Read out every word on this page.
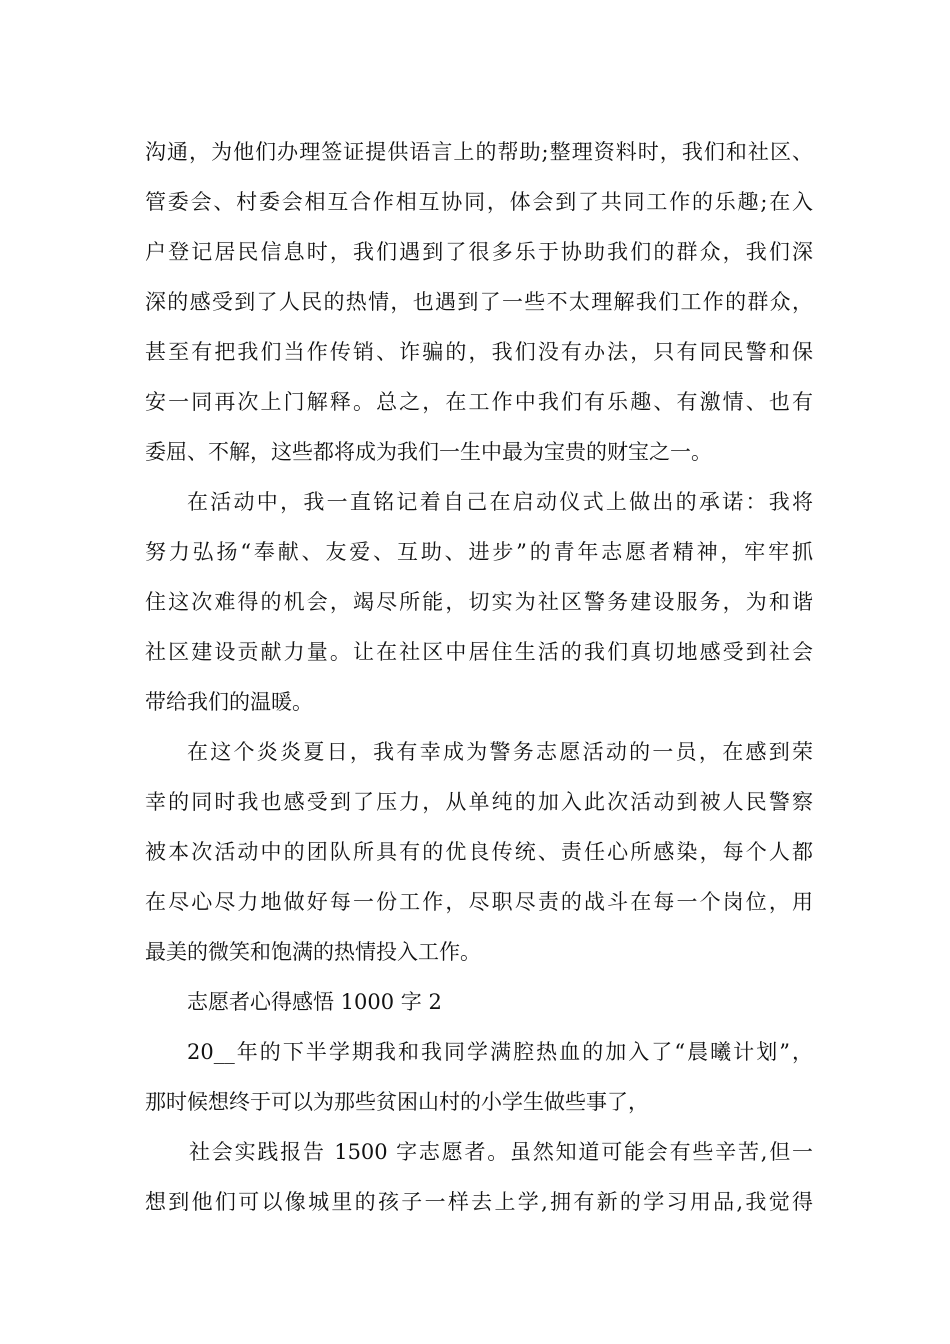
沟通，为他们办理签证提供语言上的帮助;整理资料时，我们和社区、
管委会、村委会相互合作相互协同，体会到了共同工作的乐趣;在入
户登记居民信息时，我们遇到了很多乐于协助我们的群众，我们深
深的感受到了人民的热情，也遇到了一些不太理解我们工作的群众，
甚至有把我们当作传销、诈骗的，我们没有办法，只有同民警和保
安一同再次上门解释。总之，在工作中我们有乐趣、有激情、也有
委屈、不解，这些都将成为我们一生中最为宝贵的财宝之一。
在活动中，我一直铭记着自己在启动仪式上做出的承诺：我将
努力弘扬“奉献、友爱、互助、进步”的青年志愿者精神，牢牢抓
住这次难得的机会，竭尽所能，切实为社区警务建设服务，为和谐
社区建设贡献力量。让在社区中居住生活的我们真切地感受到社会
带给我们的温暖。
在这个炎炎夏日，我有幸成为警务志愿活动的一员，在感到荣
幸的同时我也感受到了压力，从单纯的加入此次活动到被人民警察
被本次活动中的团队所具有的优良传统、责任心所感染，每个人都
在尽心尽力地做好每一份工作，尽职尽责的战斗在每一个岗位，用
最美的微笑和饱满的热情投入工作。
志愿者心得感悟 1000 字 2
20__年的下半学期我和我同学满腔热血的加入了“晨曦计划”，
那时候想终于可以为那些贫困山村的小学生做些事了，
社会实践报告 1500 字志愿者。虽然知道可能会有些辛苦,但一
想到他们可以像城里的孩子一样去上学,拥有新的学习用品,我觉得
